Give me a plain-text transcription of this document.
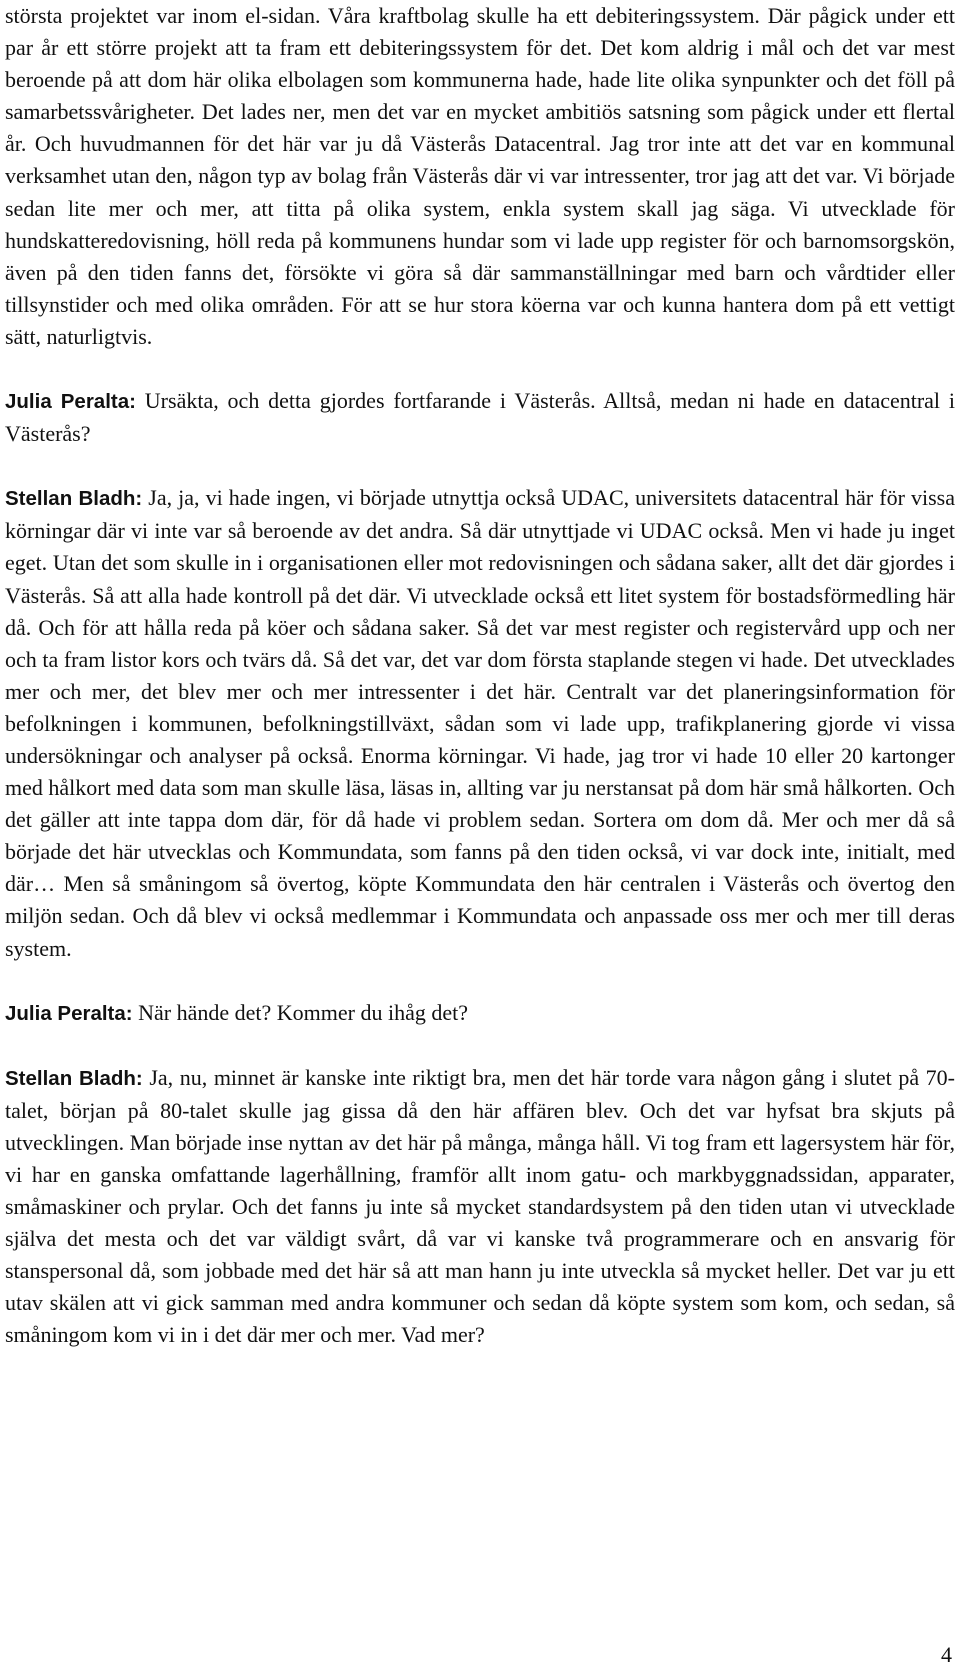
största projektet var inom el-sidan. Våra kraftbolag skulle ha ett debiteringssystem. Där pågick under ett par år ett större projekt att ta fram ett debiteringssystem för det. Det kom aldrig i mål och det var mest beroende på att dom här olika elbolagen som kommunerna hade, hade lite olika synpunkter och det föll på samarbetssvårigheter. Det lades ner, men det var en mycket ambitiös satsning som pågick under ett flertal år. Och huvudmannen för det här var ju då Västerås Datacentral. Jag tror inte att det var en kommunal verksamhet utan den, någon typ av bolag från Västerås där vi var intressenter, tror jag att det var. Vi började sedan lite mer och mer, att titta på olika system, enkla system skall jag säga. Vi utvecklade för hundskatteredovisning, höll reda på kommunens hundar som vi lade upp register för och barnomsorgskön, även på den tiden fanns det, försökte vi göra så där sammanställningar med barn och vårdtider eller tillsynstider och med olika områden. För att se hur stora köerna var och kunna hantera dom på ett vettigt sätt, naturligtvis.

Julia Peralta: Ursäkta, och detta gjordes fortfarande i Västerås. Alltså, medan ni hade en datacentral i Västerås?

Stellan Bladh: Ja, ja, vi hade ingen, vi började utnyttja också UDAC, universitets datacentral här för vissa körningar där vi inte var så beroende av det andra. Så där utnyttjade vi UDAC också. Men vi hade ju inget eget. Utan det som skulle in i organisationen eller mot redovisningen och sådana saker, allt det där gjordes i Västerås. Så att alla hade kontroll på det där. Vi utvecklade också ett litet system för bostadsförmedling här då. Och för att hålla reda på köer och sådana saker. Så det var mest register och registervård upp och ner och ta fram listor kors och tvärs då. Så det var, det var dom första staplande stegen vi hade. Det utvecklades mer och mer, det blev mer och mer intressenter i det här. Centralt var det planeringsinformation för befolkningen i kommunen, befolkningstillväxt, sådan som vi lade upp, trafikplanering gjorde vi vissa undersökningar och analyser på också. Enorma körningar. Vi hade, jag tror vi hade 10 eller 20 kartonger med hålkort med data som man skulle läsa, läsas in, allting var ju nerstansat på dom här små hålkorten. Och det gäller att inte tappa dom där, för då hade vi problem sedan. Sortera om dom då. Mer och mer då så började det här utvecklas och Kommundata, som fanns på den tiden också, vi var dock inte, initialt, med där… Men så småningom så övertog, köpte Kommundata den här centralen i Västerås och övertog den miljön sedan. Och då blev vi också medlemmar i Kommundata och anpassade oss mer och mer till deras system.

Julia Peralta: När hände det? Kommer du ihåg det?

Stellan Bladh: Ja, nu, minnet är kanske inte riktigt bra, men det här torde vara någon gång i slutet på 70-talet, början på 80-talet skulle jag gissa då den här affären blev. Och det var hyfsat bra skjuts på utvecklingen. Man började inse nyttan av det här på många, många håll. Vi tog fram ett lagersystem här för, vi har en ganska omfattande lagerhållning, framför allt inom gatu- och markbyggnadssidan, apparater, småmaskiner och prylar. Och det fanns ju inte så mycket standardsystem på den tiden utan vi utvecklade själva det mesta och det var väldigt svårt, då var vi kanske två programmerare och en ansvarig för stanspersonal då, som jobbade med det här så att man hann ju inte utveckla så mycket heller. Det var ju ett utav skälen att vi gick samman med andra kommuner och sedan då köpte system som kom, och sedan, så småningom kom vi in i det där mer och mer. Vad mer?

4
